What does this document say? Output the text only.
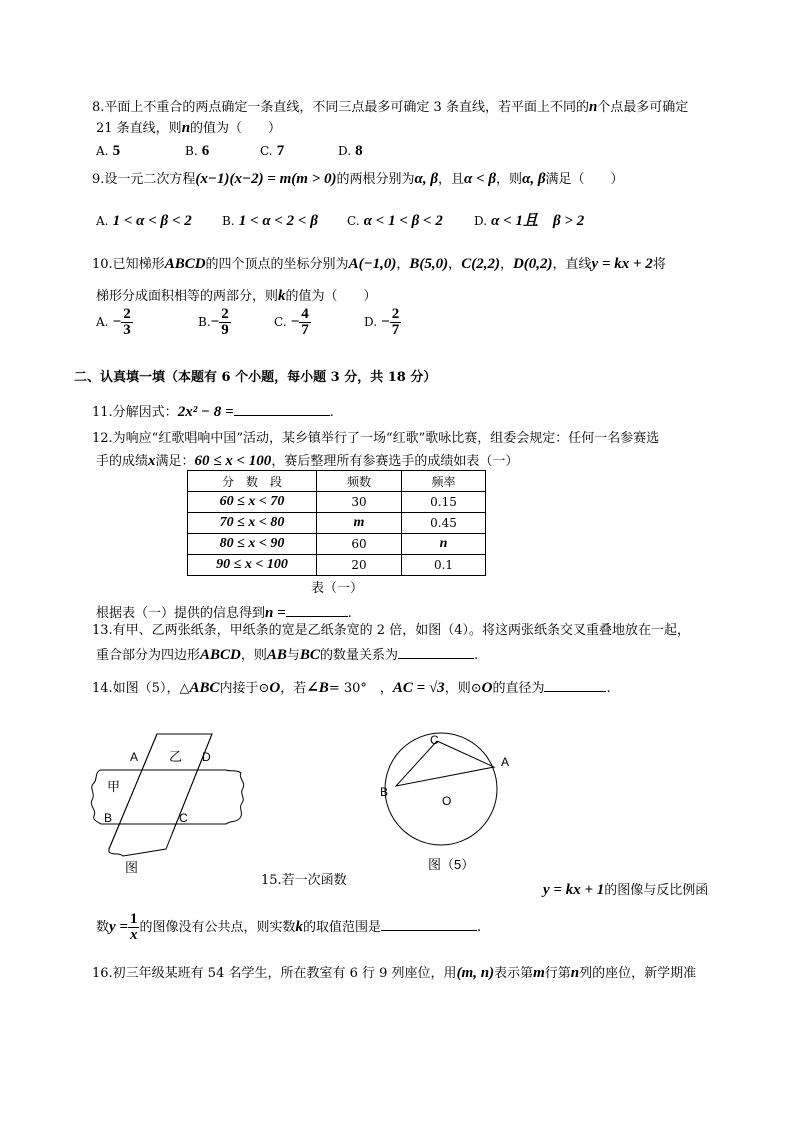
8.平面上不重合的两点确定一条直线，不同三点最多可确定 3 条直线，若平面上不同的n个点最多可确定
21 条直线，则n的值为（　　）
A. 5	B. 6	C. 7	D. 8
9.设一元二次方程(x−1)(x−2) = m(m > 0)的两根分别为α, β，且α < β，则α, β满足（　　）
A. 1 < α < β < 2	B. 1 < α < 2 < β C. α < 1 < β < 2	D. α < 1且　β > 2
10.已知梯形ABCD的四个顶点的坐标分别为A(−1,0)，B(5,0)，C(2,2)，D(0,2)，直线y = kx + 2将
梯形分成面积相等的两部分，则k的值为（　　）
A. − $\frac{2}{3}$	$B.- \frac{2}{9}$	C. − $\frac{4}{7}$	D. − $\frac{2}{7}$
二、认真填一填（本题有 6 个小题，每小题 3 分，共 18 分）
11.分解因式：2x² − 8 =	.
12.为响应“红歌唱响中国”活动，某乡镇举行了一场“红歌”歌咏比赛，组委会规定：任何一名参赛选
手的成绩x满足：60 ≤ x < 100，赛后整理所有参赛选手的成绩如表（一）
分　数　段	频数	频率
60 ≤ x < 70	30	0.15
70 ≤ x < 80	m	0.45
80 ≤ x < 90	60	n
90 ≤ x < 100	20	0.1
表（一）
根据表（一）提供的信息得到n =	.
13.有甲、乙两张纸条，甲纸条的宽是乙纸条宽的 2 倍，如图（4）。将这两张纸条交叉重叠地放在一起，
重合部分为四边形ABCD，则AB与BC的数量关系为	.
14.如图（5），△ABC内接于⊙O，若∠B= 30°　，AC = √3，则⊙O的直径为	.
A 乙 D
甲
B	C
图
C
A
B
O
图（5）
15.若一次函数
y = kx + 1的图像与反比例函
数$y = \frac{1}{x}$ 的图像没有公共点，则实数k的取值范围是	.
16.初三年级某班有 54 名学生，所在教室有 6 行 9 列座位，用(m, n)表示第m行第n列的座位，新学期准
